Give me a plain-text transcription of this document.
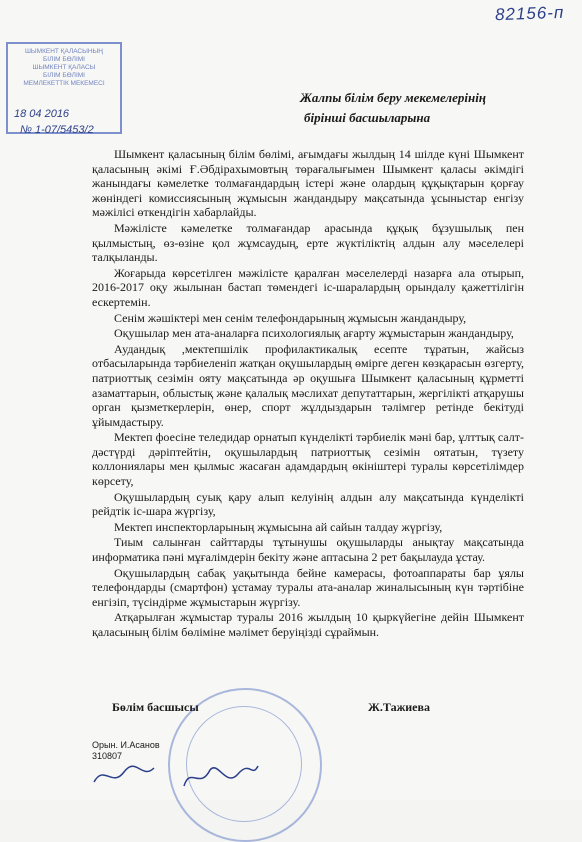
82156-п
ШЫМКЕНТ ҚАЛАСЫНЫҢ
БІЛІМ БӨЛІМІ
ШЫМКЕНТ ҚАЛАСЫ
БІЛІМ БӨЛІМІ
МЕМЛЕКЕТТІК МЕКЕМЕСІ
18 04 2016
№ 1-07/5453/2
Жалпы білім беру мекемелерінің
бірінші басшыларына

Шымкент қаласының білім бөлімі, ағымдағы жылдың 14 шілде күні Шымкент қаласының әкімі Ғ.Әбдірахымовтың төрағалығымен Шымкент қаласы әкімдігі жанындағы кәмелетке толмағандардың істері және олардың құқықтарын қорғау жөніндегі комиссиясының жұмысын жандандыру мақсатында ұсыныстар енгізу мәжілісі өткендігін хабарлайды.

Мәжілісте кәмелетке толмағандар арасында құқық бұзушылық пен қылмыстың, өз-өзіне қол жұмсаудың, ерте жүктіліктің алдын алу мәселелері талқыланды.

Жоғарыда көрсетілген мәжілісте қаралған мәселелерді назарға ала отырып, 2016-2017 оқу жылынан бастап төмендегі іс-шаралардың орындалу қажеттілігін ескертемін.

Сенім жәшіктері мен сенім телефондарының жұмысын жандандыру,

Оқушылар мен ата-аналарға психологиялық ағарту жұмыстарын жандандыру,

Аудандық ,мектепшілік профилактикалық есепте тұратын, жайсыз отбасыларында тәрбиеленіп жатқан оқушылардың өмірге деген көзқарасын өзгерту, патриоттық сезімін ояту мақсатында әр оқушыға Шымкент қаласының құрметті азаматтарын, облыстық және қалалық мәслихат депутаттарын, жергілікті атқарушы орган қызметкерлерін, өнер, спорт жұлдыздарын тәлімгер ретінде бекітуді ұйымдастыру.

Мектеп фоесіне теледидар орнатып күнделікті тәрбиелік мәні бар, ұлттық салт-дәстүрді дәріптейтін, оқушылардың патриоттық сезімін оятатын, түзету коллониялары мен қылмыс жасаған адамдардың өкініштері туралы көрсетілімдер көрсету,

Оқушылардың суық қару алып келуінің алдын алу мақсатында күнделікті рейдтік іс-шара жүргізу,

Мектеп инспекторларының жұмысына ай сайын талдау жүргізу,

Тиым салынған сайттарды тұтынушы оқушыларды анықтау мақсатында информатика пәні мұғалімдерін бекіту және аптасына 2 рет бақылауда ұстау.

Оқушылардың сабақ уақытында бейне камерасы, фотоаппараты бар ұялы телефондарды (смартфон) ұстамау туралы ата-аналар жиналысының күн тәртібіне енгізіп, түсіндірме жұмыстарын жүргізу.

Атқарылған жұмыстар туралы 2016 жылдың 10 қыркүйегіне дейін Шымкент қаласының білім бөліміне мәлімет беруіңізді сұраймын.

Бөлім басшысы	Ж.Тажиева
Орын. И.Асанов
310807
